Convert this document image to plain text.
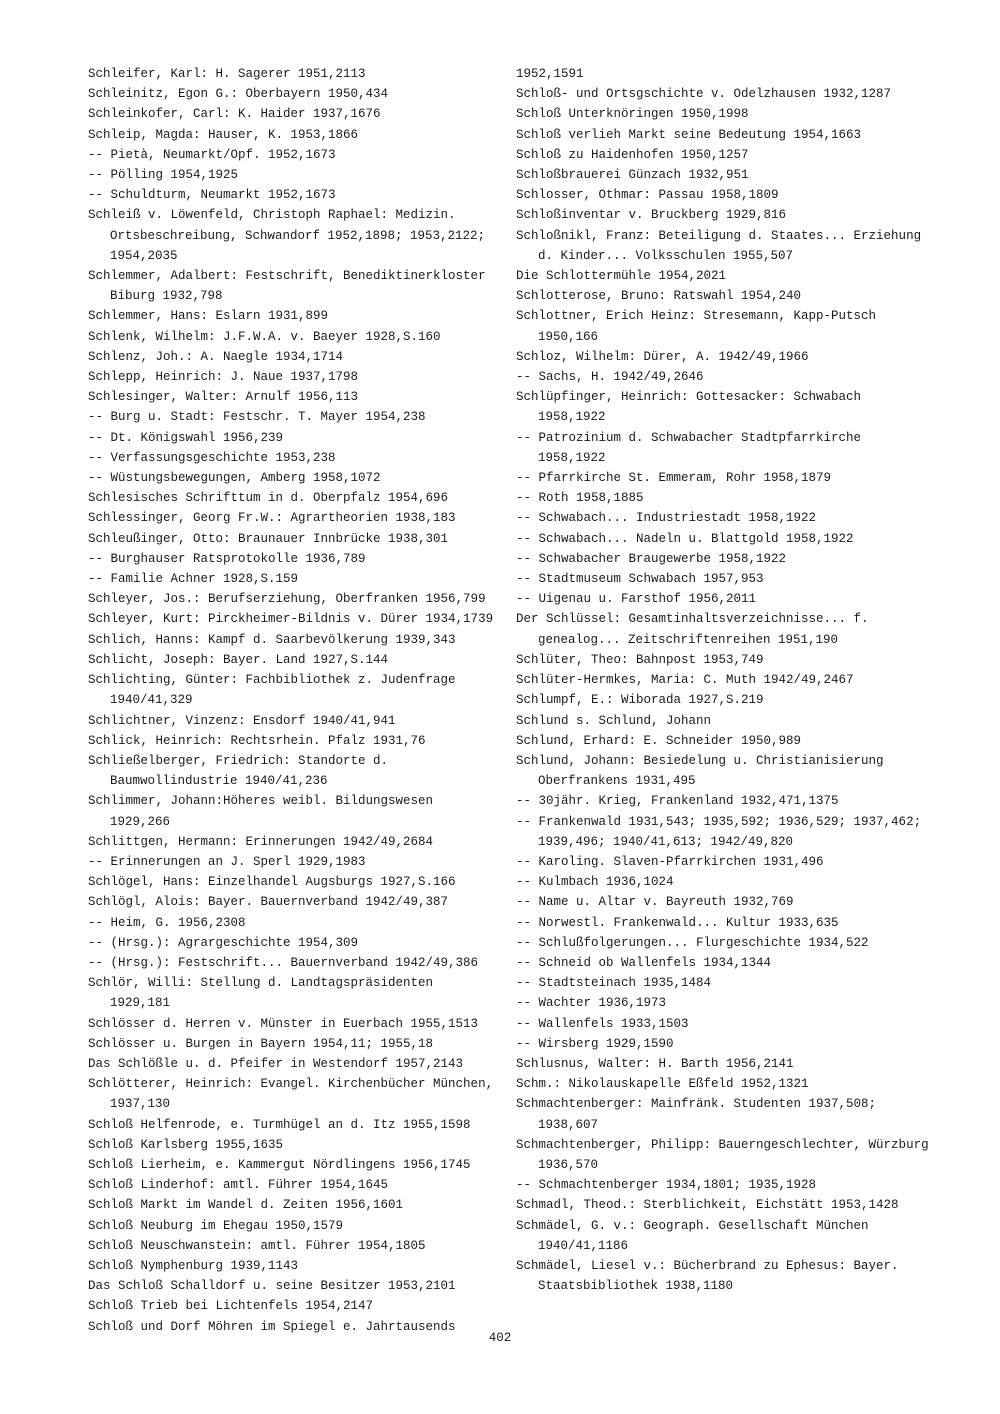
Schleifer, Karl: H. Sagerer 1951,2113
Schleinitz, Egon G.: Oberbayern 1950,434
Schleinkofer, Carl: K. Haider 1937,1676
Schleip, Magda: Hauser, K. 1953,1866
-- Pietà, Neumarkt/Opf. 1952,1673
-- Pölling 1954,1925
-- Schuldturm, Neumarkt 1952,1673
Schleiß v. Löwenfeld, Christoph Raphael: Medizin. Ortsbeschreibung, Schwandorf 1952,1898; 1953,2122; 1954,2035
Schlemmer, Adalbert: Festschrift, Benediktinerkloster Biburg 1932,798
Schlemmer, Hans: Eslarn 1931,899
Schlenk, Wilhelm: J.F.W.A. v. Baeyer 1928,S.160
Schlenz, Joh.: A. Naegle 1934,1714
Schlepp, Heinrich: J. Naue 1937,1798
Schlesinger, Walter: Arnulf 1956,113
-- Burg u. Stadt: Festschr. T. Mayer 1954,238
-- Dt. Königswahl 1956,239
-- Verfassungsgeschichte 1953,238
-- Wüstungsbewegungen, Amberg 1958,1072
Schlesisches Schrifttum in d. Oberpfalz 1954,696
Schlessinger, Georg Fr.W.: Agrartheorien 1938,183
Schleußinger, Otto: Braunauer Innbrücke 1938,301
-- Burghauser Ratsprotokolle 1936,789
-- Familie Achner 1928,S.159
Schleyer, Jos.: Berufserziehung, Oberfranken 1956,799
Schleyer, Kurt: Pirckheimer-Bildnis v. Dürer 1934,1739
Schlich, Hanns: Kampf d. Saarbevölkerung 1939,343
Schlicht, Joseph: Bayer. Land 1927,S.144
Schlichting, Günter: Fachbibliothek z. Judenfrage 1940/41,329
Schlichtner, Vinzenz: Ensdorf 1940/41,941
Schlick, Heinrich: Rechtsrhein. Pfalz 1931,76
Schließelberger, Friedrich: Standorte d. Baumwollindustrie 1940/41,236
Schlimmer, Johann:Höheres weibl. Bildungswesen 1929,266
Schlittgen, Hermann: Erinnerungen 1942/49,2684
-- Erinnerungen an J. Sperl 1929,1983
Schlögel, Hans: Einzelhandel Augsburgs 1927,S.166
Schlögl, Alois: Bayer. Bauernverband 1942/49,387
-- Heim, G. 1956,2308
-- (Hrsg.): Agrargeschichte 1954,309
-- (Hrsg.): Festschrift... Bauernverband 1942/49,386
Schlör, Willi: Stellung d. Landtagspräsidenten 1929,181
Schlösser d. Herren v. Münster in Euerbach 1955,1513
Schlösser u. Burgen in Bayern 1954,11; 1955,18
Das Schlößle u. d. Pfeifer in Westendorf 1957,2143
Schlötterer, Heinrich: Evangel. Kirchenbücher München, 1937,130
Schloß Helfenrode, e. Turmhügel an d. Itz 1955,1598
Schloß Karlsberg 1955,1635
Schloß Lierheim, e. Kammergut Nördlingens 1956,1745
Schloß Linderhof: amtl. Führer 1954,1645
Schloß Markt im Wandel d. Zeiten 1956,1601
Schloß Neuburg im Ehegau 1950,1579
Schloß Neuschwanstein: amtl. Führer 1954,1805
Schloß Nymphenburg 1939,1143
Das Schloß Schalldorf u. seine Besitzer 1953,2101
Schloß Trieb bei Lichtenfels 1954,2147
Schloß und Dorf Möhren im Spiegel e. Jahrtausends
1952,1591
Schloß- und Ortsgschichte v. Odelzhausen 1932,1287
Schloß Unterknöringen 1950,1998
Schloß verlieh Markt seine Bedeutung 1954,1663
Schloß zu Haidenhofen 1950,1257
Schloßbrauerei Günzach 1932,951
Schlosser, Othmar: Passau 1958,1809
Schloßinventar v. Bruckberg 1929,816
Schloßnikl, Franz: Beteiligung d. Staates... Erziehung d. Kinder... Volksschulen 1955,507
Die Schlottermühle 1954,2021
Schlotterose, Bruno: Ratswahl 1954,240
Schlottner, Erich Heinz: Stresemann, Kapp-Putsch 1950,166
Schloz, Wilhelm: Dürer, A. 1942/49,1966
-- Sachs, H. 1942/49,2646
Schlüpfinger, Heinrich: Gottesacker: Schwabach 1958,1922
-- Patrozinium d. Schwabacher Stadtpfarrkirche 1958,1922
-- Pfarrkirche St. Emmeram, Rohr 1958,1879
-- Roth 1958,1885
-- Schwabach... Industriestadt 1958,1922
-- Schwabach... Nadeln u. Blattgold 1958,1922
-- Schwabacher Braugewerbe 1958,1922
-- Stadtmuseum Schwabach 1957,953
-- Uigenau u. Farsthof 1956,2011
Der Schlüssel: Gesamtinhaltsverzeichnisse... f. genealog... Zeitschriftenreihen 1951,190
Schlüter, Theo: Bahnpost 1953,749
Schlüter-Hermkes, Maria: C. Muth 1942/49,2467
Schlumpf, E.: Wiborada 1927,S.219
Schlund s. Schlund, Johann
Schlund, Erhard: E. Schneider 1950,989
Schlund, Johann: Besiedelung u. Christianisierung Oberfrankens 1931,495
-- 30jähr. Krieg, Frankenland 1932,471,1375
-- Frankenwald 1931,543; 1935,592; 1936,529; 1937,462; 1939,496; 1940/41,613; 1942/49,820
-- Karoling. Slaven-Pfarrkirchen 1931,496
-- Kulmbach 1936,1024
-- Name u. Altar v. Bayreuth 1932,769
-- Norwestl. Frankenwald... Kultur 1933,635
-- Schlußfolgerungen... Flurgeschichte 1934,522
-- Schneid ob Wallenfels 1934,1344
-- Stadtsteinach 1935,1484
-- Wachter 1936,1973
-- Wallenfels 1933,1503
-- Wirsberg 1929,1590
Schlusnus, Walter: H. Barth 1956,2141
Schm.: Nikolauskapelle Eßfeld 1952,1321
Schmachtenberger: Mainfränk. Studenten 1937,508; 1938,607
Schmachtenberger, Philipp: Bauerngeschlechter, Würzburg 1936,570
-- Schmachtenberger 1934,1801; 1935,1928
Schmadl, Theod.: Sterblichkeit, Eichstätt 1953,1428
Schmädel, G. v.: Geograph. Gesellschaft München 1940/41,1186
Schmädel, Liesel v.: Bücherbrand zu Ephesus: Bayer. Staatsbibliothek 1938,1180
402
